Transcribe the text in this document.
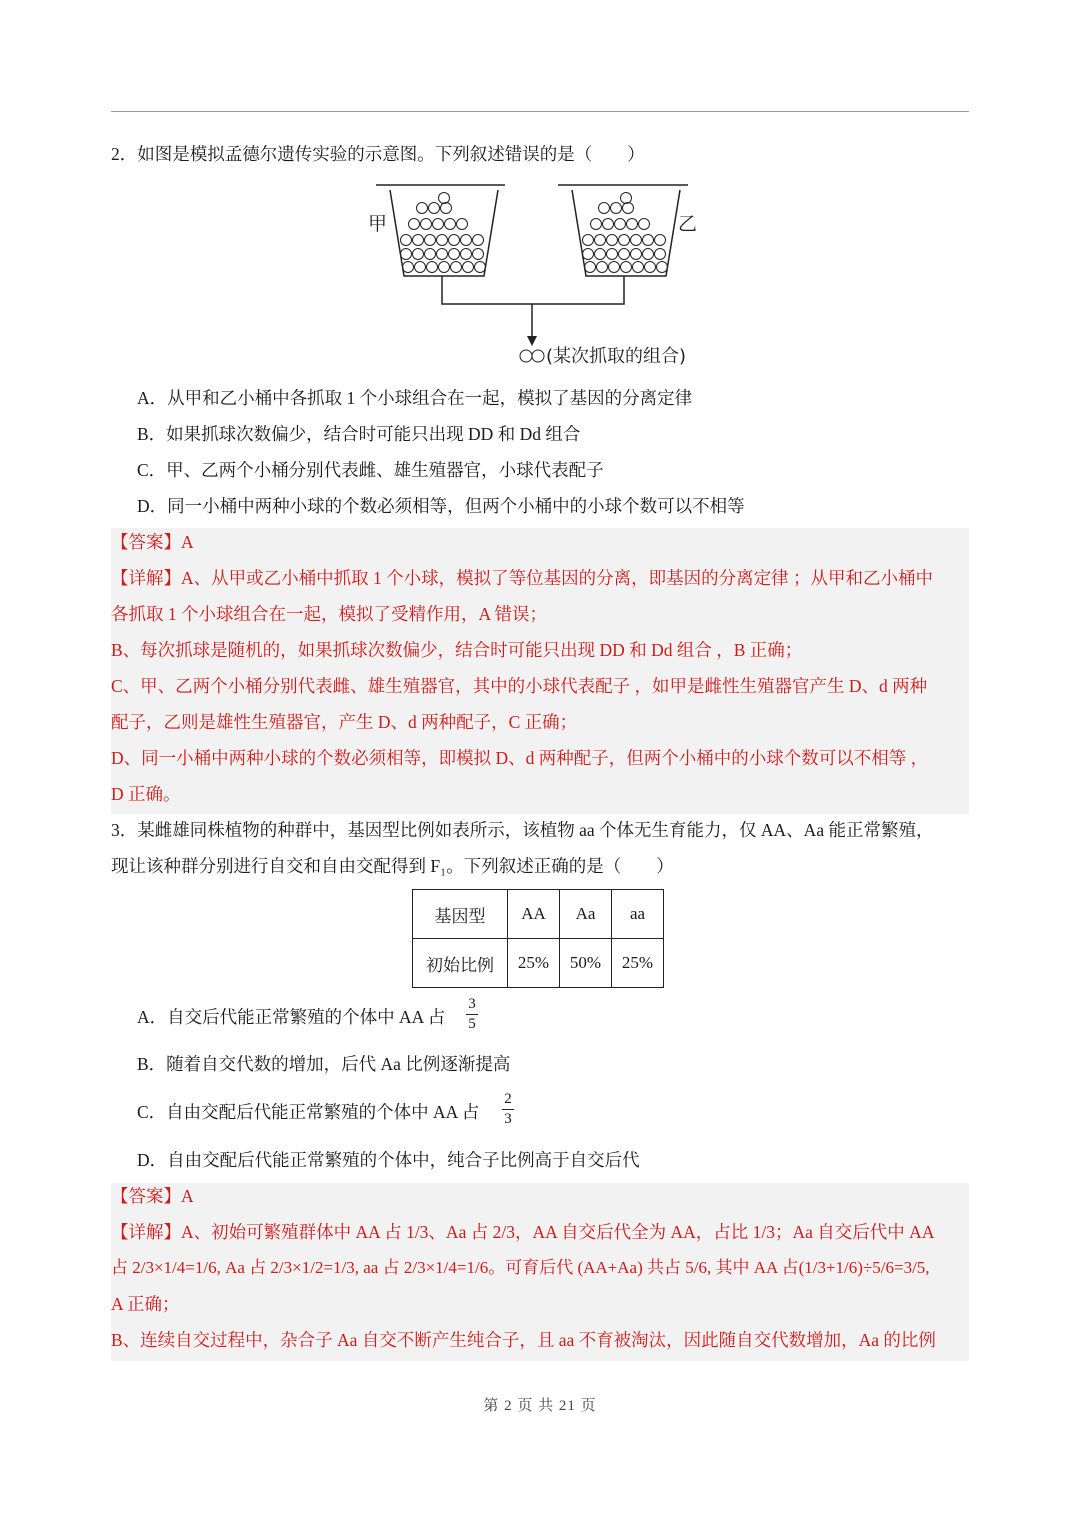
2．如图是模拟孟德尔遗传实验的示意图。下列叙述错误的是（　　）
甲	乙
(某次抓取的组合)
A．从甲和乙小桶中各抓取 1 个小球组合在一起，模拟了基因的分离定律
B．如果抓球次数偏少，结合时可能只出现 DD 和 Dd 组合
C．甲、乙两个小桶分别代表雌、雄生殖器官，小球代表配子
D．同一小桶中两种小球的个数必须相等，但两个小桶中的小球个数可以不相等
【答案】A
【详解】A、从甲或乙小桶中抓取 1 个小球，模拟了等位基因的分离，即基因的分离定律 ；从甲和乙小桶中
各抓取 1 个小球组合在一起，模拟了受精作用，A 错误；
B、每次抓球是随机的，如果抓球次数偏少，结合时可能只出现 DD 和 Dd 组合 ，B 正确；
C、甲、乙两个小桶分别代表雌、雄生殖器官，其中的小球代表配子 ，如甲是雌性生殖器官产生 D、d 两种
配子，乙则是雄性生殖器官，产生 D、d 两种配子，C 正确；
D、同一小桶中两种小球的个数必须相等，即模拟 D、d 两种配子，但两个小桶中的小球个数可以不相等 ，
D 正确。
3．某雌雄同株植物的种群中，基因型比例如表所示，该植物 aa 个体无生育能力，仅 AA、Aa 能正常繁殖，
现让该种群分别进行自交和自由交配得到 F₁。下列叙述正确的是（　　）
基因型	AA	Aa	aa
初始比例	25%	50%	25%
A．自交后代能正常繁殖的个体中 AA 占
3
5
B．随着自交代数的增加，后代 Aa 比例逐渐提高
C．自由交配后代能正常繁殖的个体中 AA 占
2
3
D．自由交配后代能正常繁殖的个体中，纯合子比例高于自交后代
【答案】A
【详解】A、初始可繁殖群体中 AA 占 1/3、Aa 占 2/3，AA 自交后代全为 AA，占比 1/3；Aa 自交后代中 AA
占 2/3×1/4=1/6, Aa 占 2/3×1/2=1/3, aa 占 2/3×1/4=1/6。可育后代 (AA+Aa) 共占 5/6, 其中 AA 占(1/3+1/6)÷5/6=3/5,
A 正确；
B、连续自交过程中，杂合子 Aa 自交不断产生纯合子，且 aa 不育被淘汰，因此随自交代数增加，Aa 的比例
第 2 页 共 21 页
